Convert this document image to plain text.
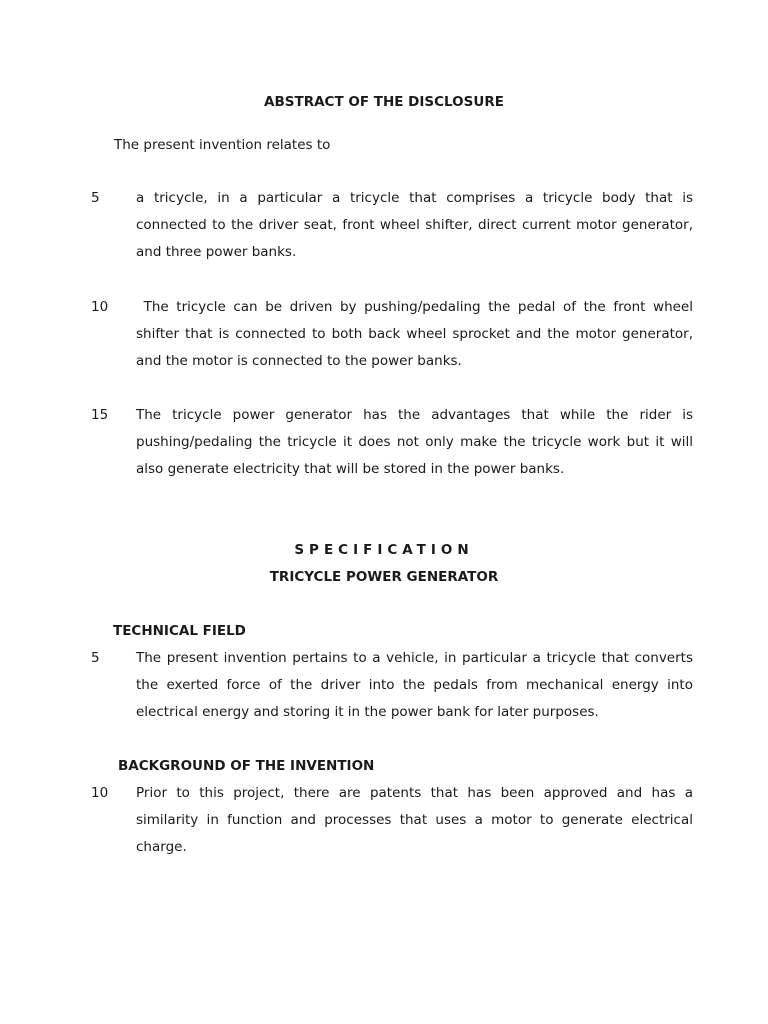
ABSTRACT OF THE DISCLOSURE

The present invention relates to

5	a tricycle, in a particular a tricycle that comprises a tricycle body that is connected to the driver seat, front wheel shifter, direct current motor generator, and three power banks.

10 The tricycle can be driven by pushing/pedaling the pedal of the front wheel shifter that is connected to both back wheel sprocket and the motor generator, and the motor is connected to the power banks.

15 The tricycle power generator has the advantages that while the rider is pushing/pedaling the tricycle it does not only make the tricycle work but it will also generate electricity that will be stored in the power banks.

SPECIFICATION
TRICYCLE POWER GENERATOR
TECHNICAL FIELD
5	The present invention pertains to a vehicle, in particular a tricycle that converts the exerted force of the driver into the pedals from mechanical energy into electrical energy and storing it in the power bank for later purposes.

BACKGROUND OF THE INVENTION
10 Prior to this project, there are patents that has been approved and has a similarity in function and processes that uses a motor to generate electrical charge.
